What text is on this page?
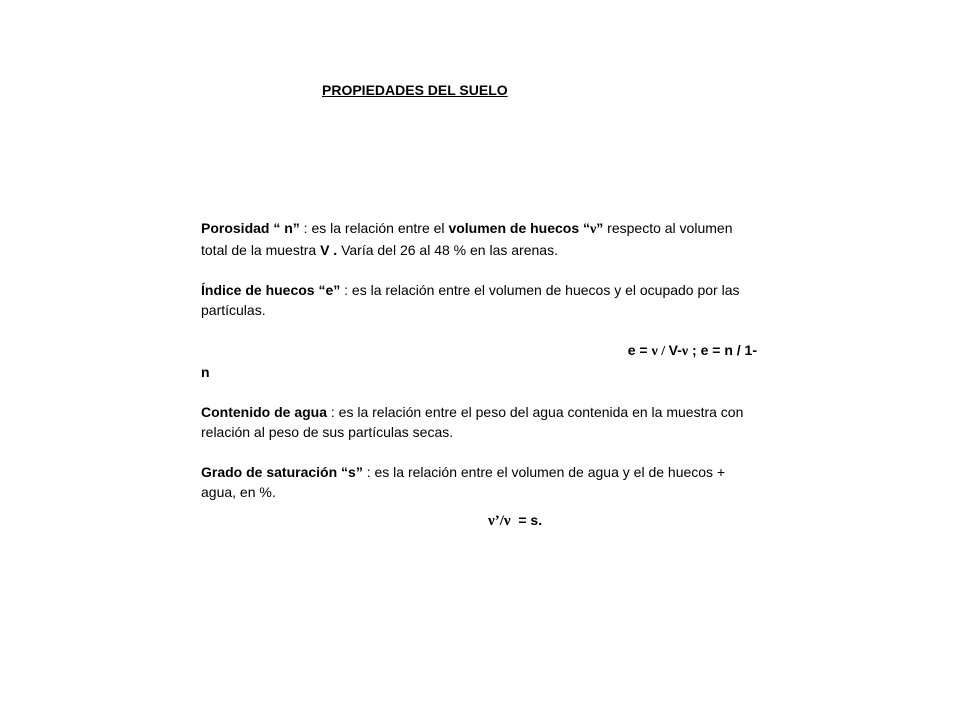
PROPIEDADES DEL SUELO

Porosidad “ n” : es la relación entre el volumen de huecos “ν” respecto al volumen total de la muestra V . Varía del 26 al 48 % en las arenas.

Índice de huecos “e” : es la relación entre el volumen de huecos y el ocupado por las partículas.

e = ν / V-ν ; e = n / 1-
n

Contenido de agua : es la relación entre el peso del agua contenida en la muestra con relación al peso de sus partículas secas.

Grado de saturación “s” : es la relación entre el volumen de agua y el de huecos + agua, en %.

ν’/ν  = s.
